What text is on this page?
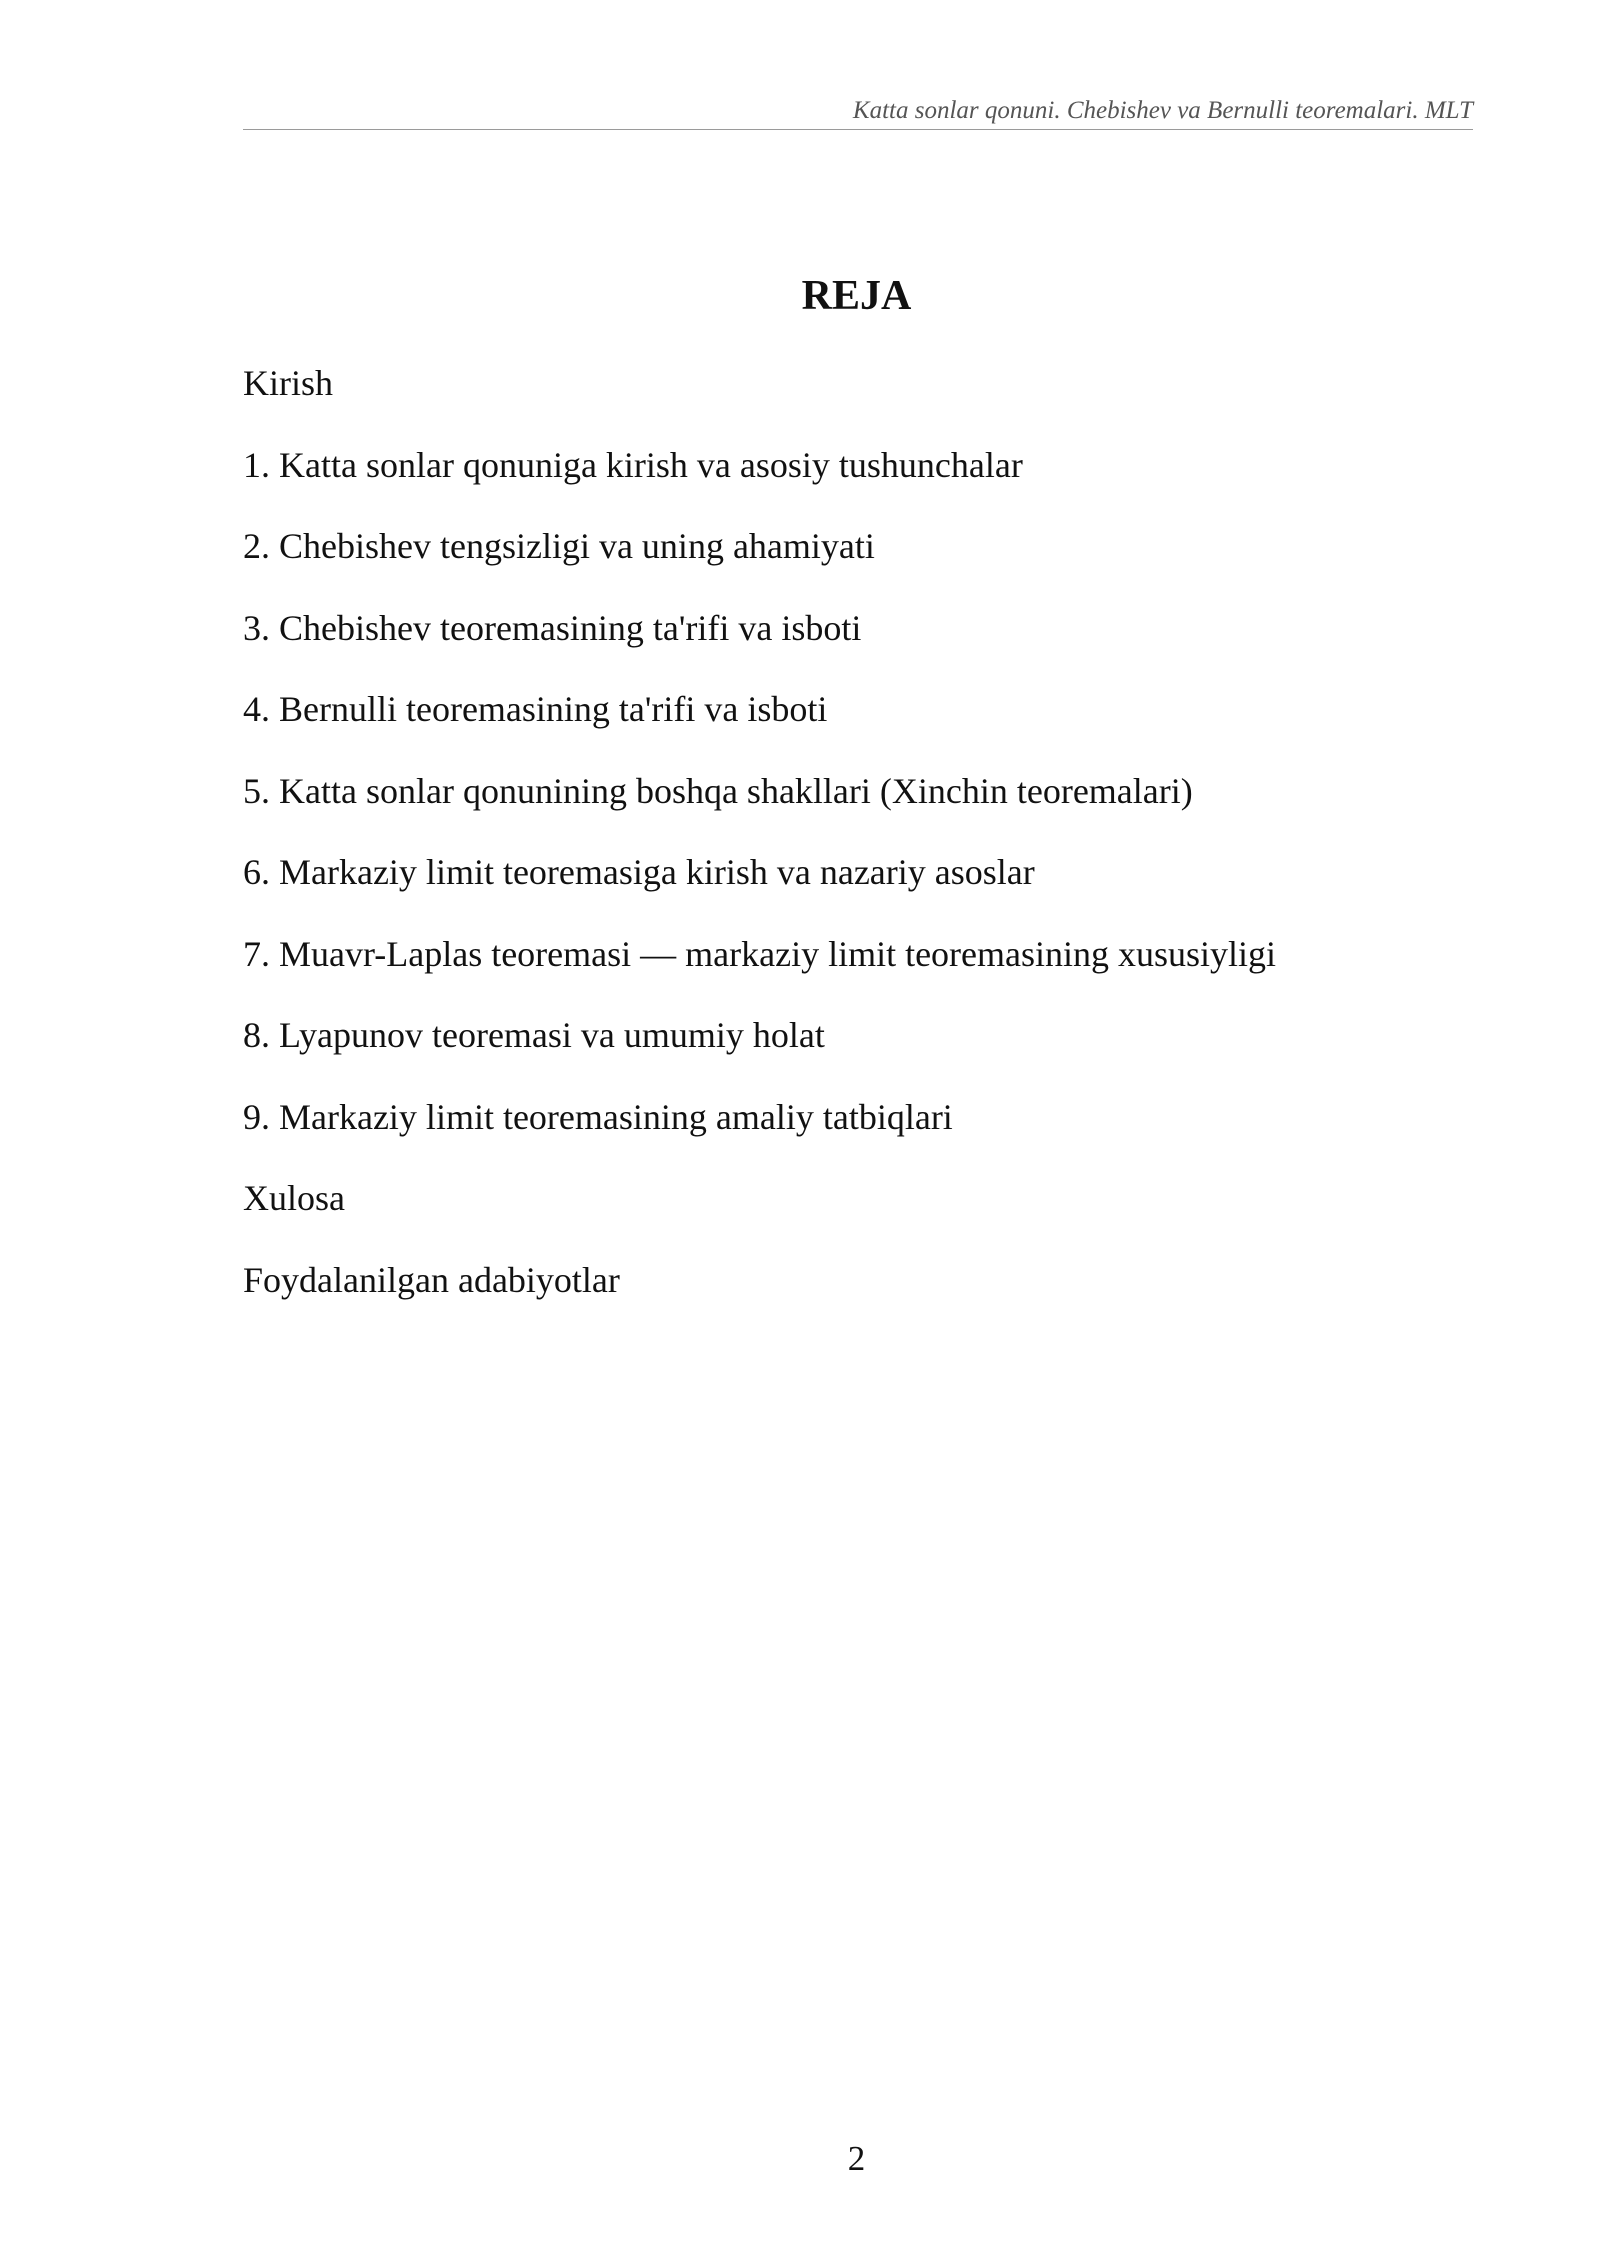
Katta sonlar qonuni. Chebishev va Bernulli teoremalari. MLT
REJA
Kirish
1. Katta sonlar qonuniga kirish va asosiy tushunchalar
2. Chebishev tengsizligi va uning ahamiyati
3. Chebishev teoremasining ta'rifi va isboti
4. Bernulli teoremasining ta'rifi va isboti
5. Katta sonlar qonunining boshqa shakllari (Xinchin teoremalari)
6. Markaziy limit teoremasiga kirish va nazariy asoslar
7. Muavr-Laplas teoremasi — markaziy limit teoremasining xususiyligi
8. Lyapunov teoremasi va umumiy holat
9. Markaziy limit teoremasining amaliy tatbiqlari
Xulosa
Foydalanilgan adabiyotlar
2
